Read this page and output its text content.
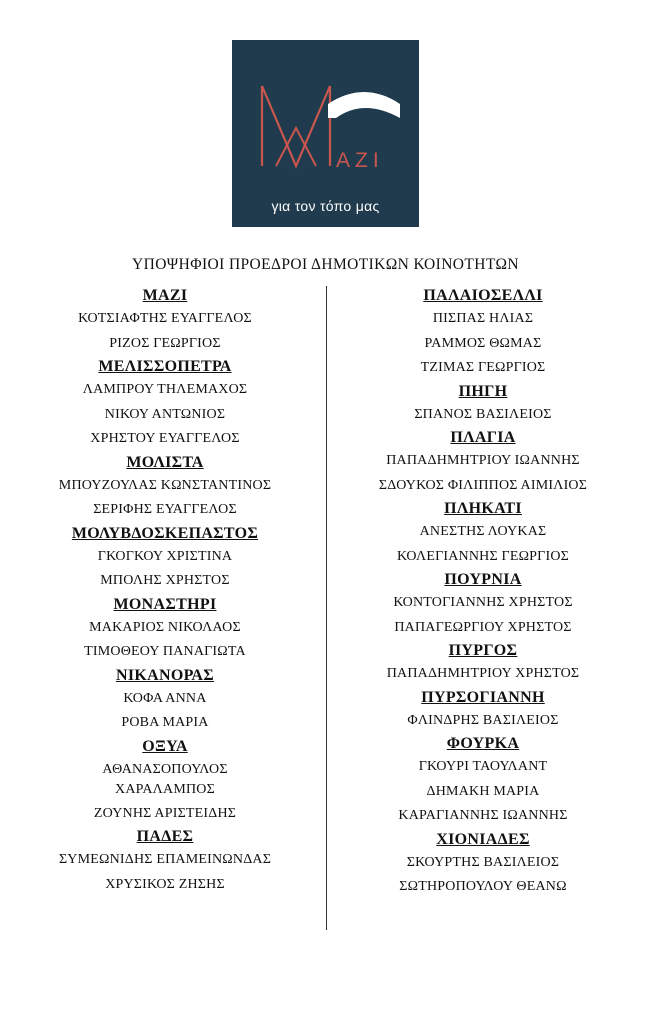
ΑΖΙ
για τον τόπο μας
ΥΠΟΨΗΦΙΟΙ ΠΡΟΕΔΡΟΙ ΔΗΜΟΤΙΚΩΝ ΚΟΙΝΟΤΗΤΩΝ
ΜΑΖΙ
ΚΟΤΣΙΑΦΤΗΣ ΕΥΑΓΓΕΛΟΣ
ΡΙΖΟΣ ΓΕΩΡΓΙΟΣ
ΜΕΛΙΣΣΟΠΕΤΡΑ
ΛΑΜΠΡΟΥ ΤΗΛΕΜΑΧΟΣ
ΝΙΚΟΥ ΑΝΤΩΝΙΟΣ
ΧΡΗΣΤΟΥ ΕΥΑΓΓΕΛΟΣ
ΜΟΛΙΣΤΑ
ΜΠΟΥΖΟΥΛΑΣ ΚΩΝΣΤΑΝΤΙΝΟΣ
ΣΕΡΙΦΗΣ ΕΥΑΓΓΕΛΟΣ
ΜΟΛΥΒΔΟΣΚΕΠΑΣΤΟΣ
ΓΚΟΓΚΟΥ ΧΡΙΣΤΙΝΑ
ΜΠΟΛΗΣ ΧΡΗΣΤΟΣ
ΜΟΝΑΣΤΗΡΙ
ΜΑΚΑΡΙΟΣ ΝΙΚΟΛΑΟΣ
ΤΙΜΟΘΕΟΥ ΠΑΝΑΓΙΩΤΑ
ΝΙΚΑΝΟΡΑΣ
ΚΟΦΑ ΑΝΝΑ
ΡΟΒΑ ΜΑΡΙΑ
ΟΞΥΑ
ΑΘΑΝΑΣΟΠΟΥΛΟΣ ΧΑΡΑΛΑΜΠΟΣ
ΖΟΥΝΗΣ ΑΡΙΣΤΕΙΔΗΣ
ΠΑΔΕΣ
ΣΥΜΕΩΝΙΔΗΣ ΕΠΑΜΕΙΝΩΝΔΑΣ
ΧΡΥΣΙΚΟΣ ΖΗΣΗΣ
ΠΑΛΑΙΟΣΕΛΛΙ
ΠΙΣΠΑΣ ΗΛΙΑΣ
ΡΑΜΜΟΣ ΘΩΜΑΣ
ΤΖΙΜΑΣ ΓΕΩΡΓΙΟΣ
ΠΗΓΗ
ΣΠΑΝΟΣ ΒΑΣΙΛΕΙΟΣ
ΠΛΑΓΙΑ
ΠΑΠΑΔΗΜΗΤΡΙΟΥ ΙΩΑΝΝΗΣ
ΣΔΟΥΚΟΣ ΦΙΛΙΠΠΟΣ ΑΙΜΙΛΙΟΣ
ΠΛΗΚΑΤΙ
ΑΝΕΣΤΗΣ ΛΟΥΚΑΣ
ΚΟΛΕΓΙΑΝΝΗΣ ΓΕΩΡΓΙΟΣ
ΠΟΥΡΝΙΑ
ΚΟΝΤΟΓΙΑΝΝΗΣ ΧΡΗΣΤΟΣ
ΠΑΠΑΓΕΩΡΓΙΟΥ ΧΡΗΣΤΟΣ
ΠΥΡΓΟΣ
ΠΑΠΑΔΗΜΗΤΡΙΟΥ ΧΡΗΣΤΟΣ
ΠΥΡΣΟΓΙΑΝΝΗ
ΦΛΙΝΔΡΗΣ ΒΑΣΙΛΕΙΟΣ
ΦΟΥΡΚΑ
ΓΚΟΥΡΙ ΤΑΟΥΛΑΝΤ
ΔΗΜΑΚΗ ΜΑΡΙΑ
ΚΑΡΑΓΙΑΝΝΗΣ ΙΩΑΝΝΗΣ
ΧΙΟΝΙΑΔΕΣ
ΣΚΟΥΡΤΗΣ ΒΑΣΙΛΕΙΟΣ
ΣΩΤΗΡΟΠΟΥΛΟΥ ΘΕΑΝΩ
